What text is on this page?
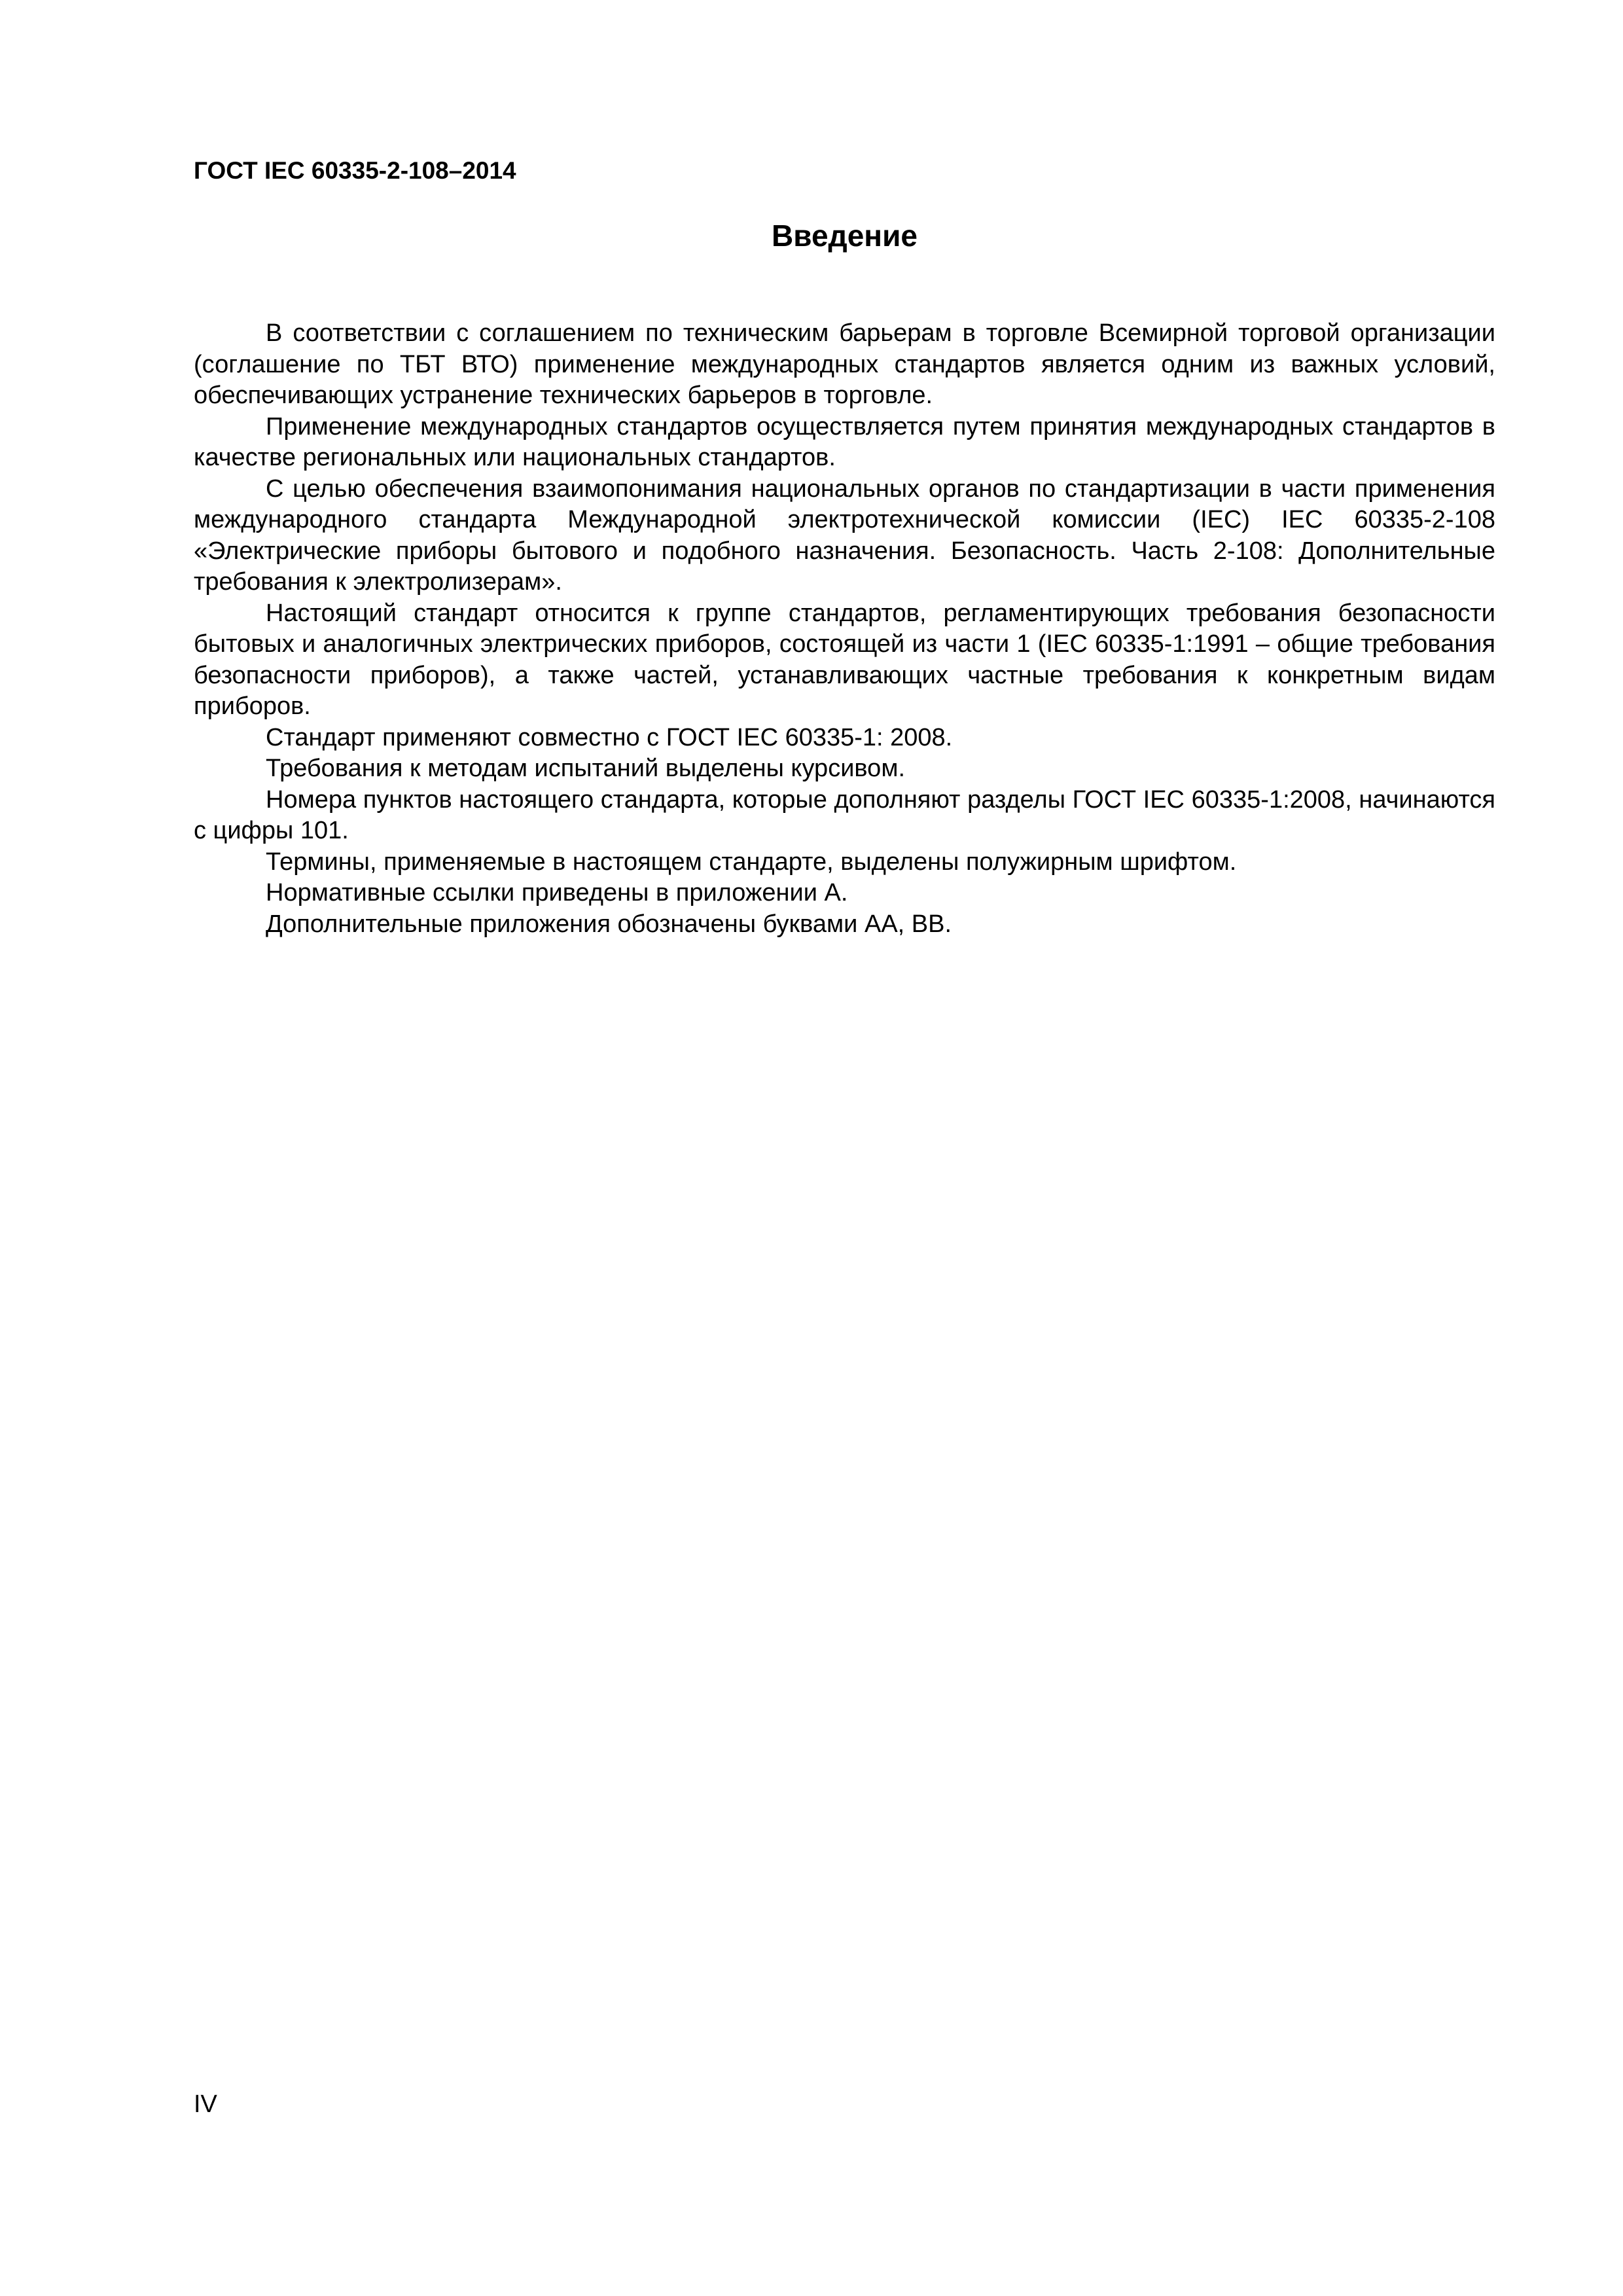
ГОСТ IEC 60335-2-108–2014
Введение

В соответствии с соглашением по техническим барьерам в торговле Всемирной торговой организации (соглашение по ТБТ ВТО) применение международных стандартов является одним из важных условий, обеспечивающих устранение технических барьеров в торговле.

Применение международных стандартов осуществляется путем принятия международных стандартов в качестве региональных или национальных стандартов.

С целью обеспечения взаимопонимания национальных органов по стандартизации в части применения международного стандарта Международной электротехнической комиссии (IEC) IEC 60335-2-108 «Электрические приборы бытового и подобного назначения. Безопасность. Часть 2-108: Дополнительные требования к электролизерам».

Настоящий стандарт относится к группе стандартов, регламентирующих требования безопасности бытовых и аналогичных электрических приборов, состоящей из части 1 (IEC 60335-1:1991 – общие требования безопасности приборов), а также частей, устанавливающих частные требования к конкретным видам приборов.

Стандарт применяют совместно с ГОСТ IEC 60335-1: 2008.

Требования к методам испытаний выделены курсивом.

Номера пунктов настоящего стандарта, которые дополняют разделы ГОСТ IEC 60335-1:2008, начинаются с цифры 101.

Термины, применяемые в настоящем стандарте, выделены полужирным шрифтом.

Нормативные ссылки приведены в приложении А.

Дополнительные приложения обозначены буквами АА, ВВ.

IV
